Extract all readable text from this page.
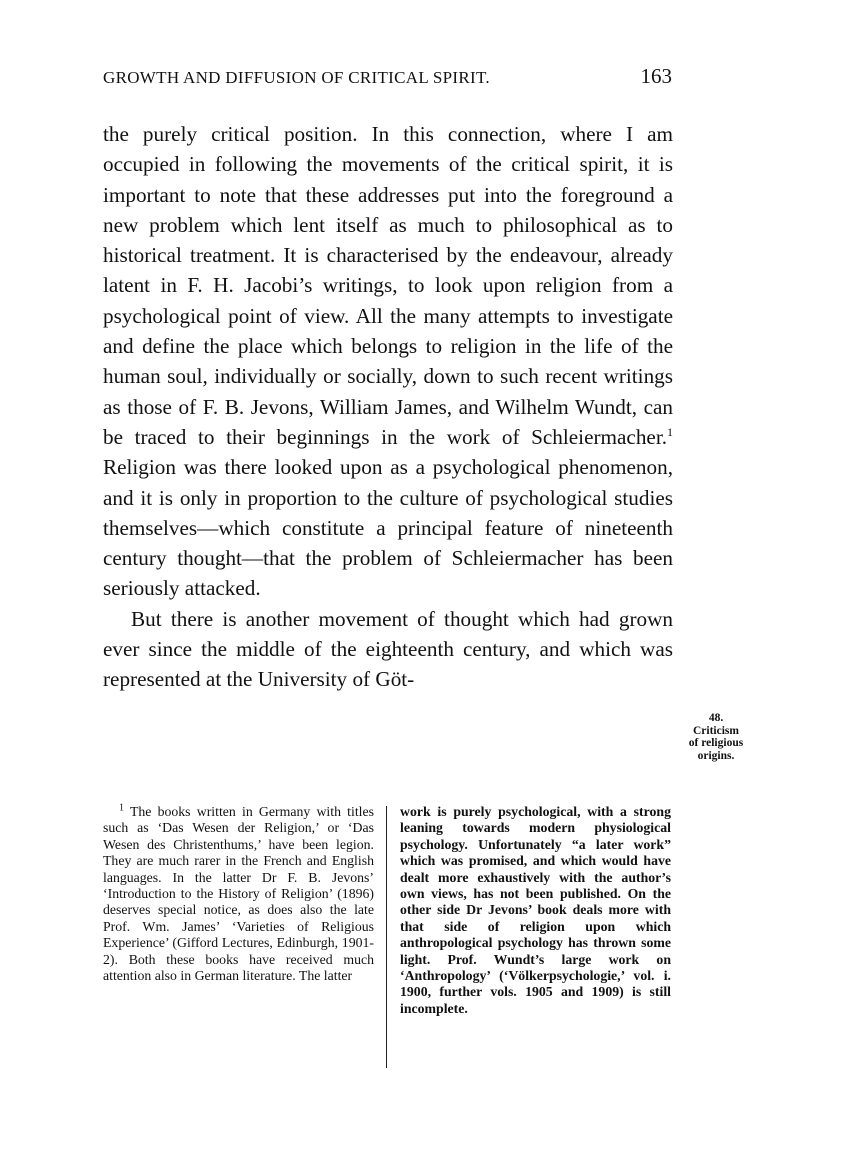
GROWTH AND DIFFUSION OF CRITICAL SPIRIT.	163

the purely critical position. In this connection, where I am occupied in following the movements of the critical spirit, it is important to note that these addresses put into the foreground a new problem which lent itself as much to philosophical as to historical treatment. It is characterised by the endeavour, already latent in F. H. Jacobi’s writings, to look upon religion from a psychological point of view. All the many attempts to investigate and define the place which belongs to religion in the life of the human soul, individually or socially, down to such recent writings as those of F. B. Jevons, William James, and Wilhelm Wundt, can be traced to their beginnings in the work of Schleiermacher.$^1$ Religion was there looked upon as a psychological phenomenon, and it is only in proportion to the culture of psychological studies themselves—which constitute a principal feature of nineteenth century thought—that the problem of Schleiermacher has been seriously attacked.

But there is another movement of thought which had grown ever since the middle of the eighteenth century, and which was represented at the University of Göt-

48.
Criticism
of religious
origins.

$^1$ The books written in Germany with titles such as ‘Das Wesen der Religion,’ or ‘Das Wesen des Christenthums,’ have been legion. They are much rarer in the French and English languages. In the latter Dr F. B. Jevons’ ‘Introduction to the History of Religion’ (1896) deserves special notice, as does also the late Prof. Wm. James’ ‘Varieties of Religious Experience’ (Gifford Lectures, Edinburgh, 1901-2). Both these books have received much attention also in German literature. The latter

work is purely psychological, with a strong leaning towards modern physiological psychology. Unfortunately “a later work” which was promised, and which would have dealt more exhaustively with the author’s own views, has not been published. On the other side Dr Jevons’ book deals more with that side of religion upon which anthropological psychology has thrown some light. Prof. Wundt’s large work on ‘Anthropology’ (‘Völkerpsychologie,’ vol. i. 1900, further vols. 1905 and 1909) is still incomplete.
